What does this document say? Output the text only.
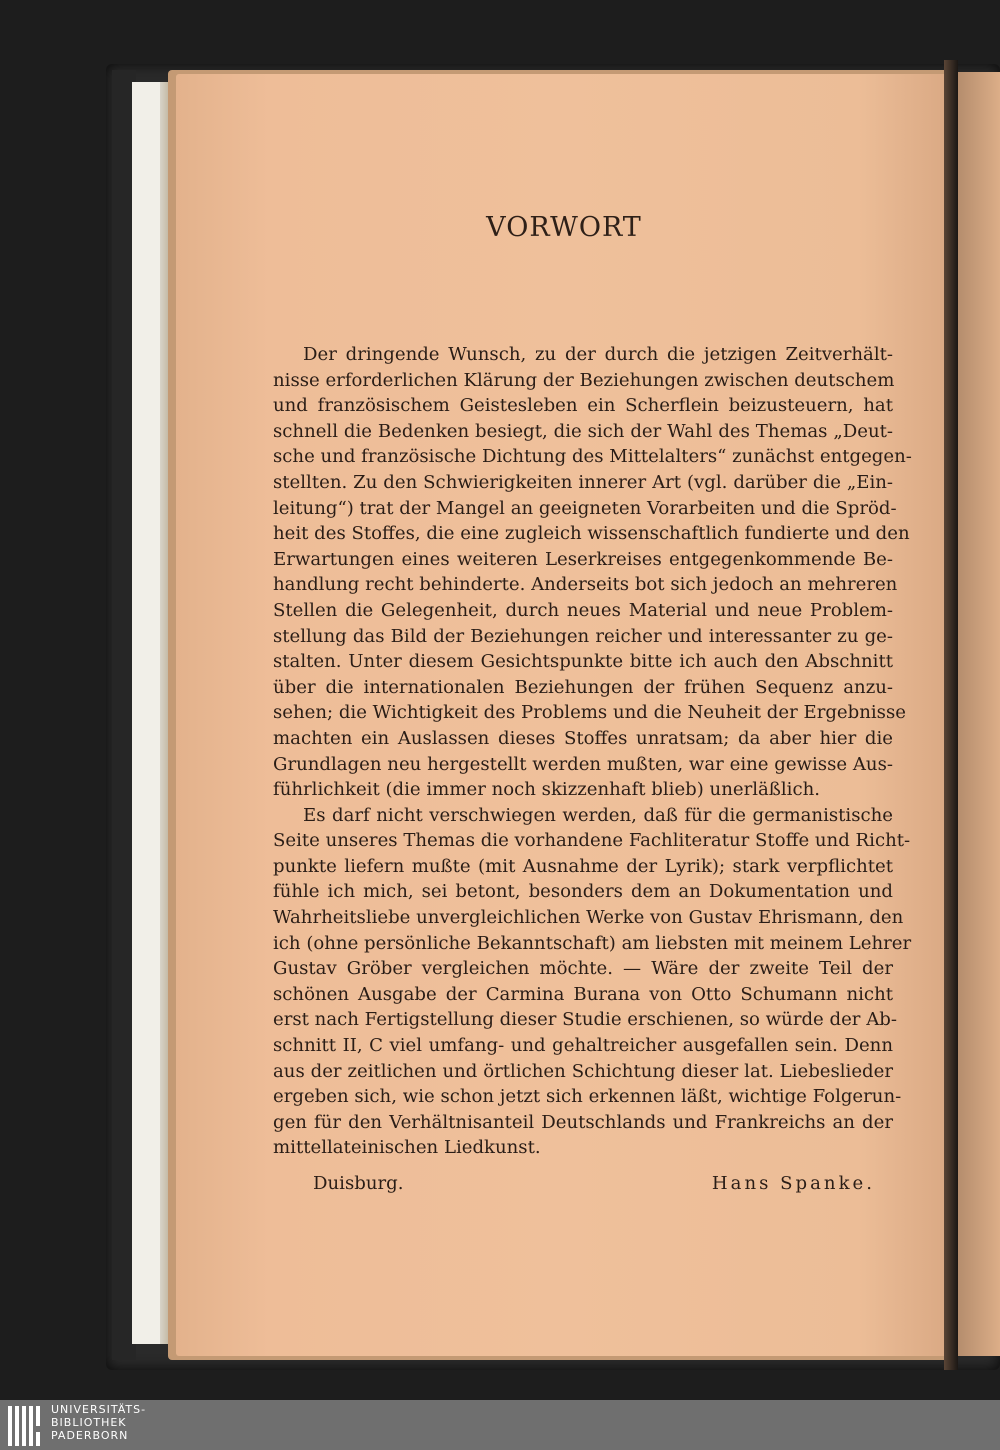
VORWORT
Der dringende Wunsch, zu der durch die jetzigen Zeitverhält-
nisse erforderlichen Klärung der Beziehungen zwischen deutschem
und französischem Geistesleben ein Scherflein beizusteuern, hat
schnell die Bedenken besiegt, die sich der Wahl des Themas „Deut-
sche und französische Dichtung des Mittelalters“ zunächst entgegen-
stellten. Zu den Schwierigkeiten innerer Art (vgl. darüber die „Ein-
leitung“) trat der Mangel an geeigneten Vorarbeiten und die Spröd-
heit des Stoffes, die eine zugleich wissenschaftlich fundierte und den
Erwartungen eines weiteren Leserkreises entgegenkommende Be-
handlung recht behinderte. Anderseits bot sich jedoch an mehreren
Stellen die Gelegenheit, durch neues Material und neue Problem-
stellung das Bild der Beziehungen reicher und interessanter zu ge-
stalten. Unter diesem Gesichtspunkte bitte ich auch den Abschnitt
über die internationalen Beziehungen der frühen Sequenz anzu-
sehen; die Wichtigkeit des Problems und die Neuheit der Ergebnisse
machten ein Auslassen dieses Stoffes unratsam; da aber hier die
Grundlagen neu hergestellt werden mußten, war eine gewisse Aus-
führlichkeit (die immer noch skizzenhaft blieb) unerläßlich.
Es darf nicht verschwiegen werden, daß für die germanistische
Seite unseres Themas die vorhandene Fachliteratur Stoffe und Richt-
punkte liefern mußte (mit Ausnahme der Lyrik); stark verpflichtet
fühle ich mich, sei betont, besonders dem an Dokumentation und
Wahrheitsliebe unvergleichlichen Werke von Gustav Ehrismann, den
ich (ohne persönliche Bekanntschaft) am liebsten mit meinem Lehrer
Gustav Gröber vergleichen möchte. — Wäre der zweite Teil der
schönen Ausgabe der Carmina Burana von Otto Schumann nicht
erst nach Fertigstellung dieser Studie erschienen, so würde der Ab-
schnitt II, C viel umfang- und gehaltreicher ausgefallen sein. Denn
aus der zeitlichen und örtlichen Schichtung dieser lat. Liebeslieder
ergeben sich, wie schon jetzt sich erkennen läßt, wichtige Folgerun-
gen für den Verhältnisanteil Deutschlands und Frankreichs an der
mittellateinischen Liedkunst.
Duisburg.	Hans Spanke.

UNIVERSITÄTS-
BIBLIOTHEK
PADERBORN
